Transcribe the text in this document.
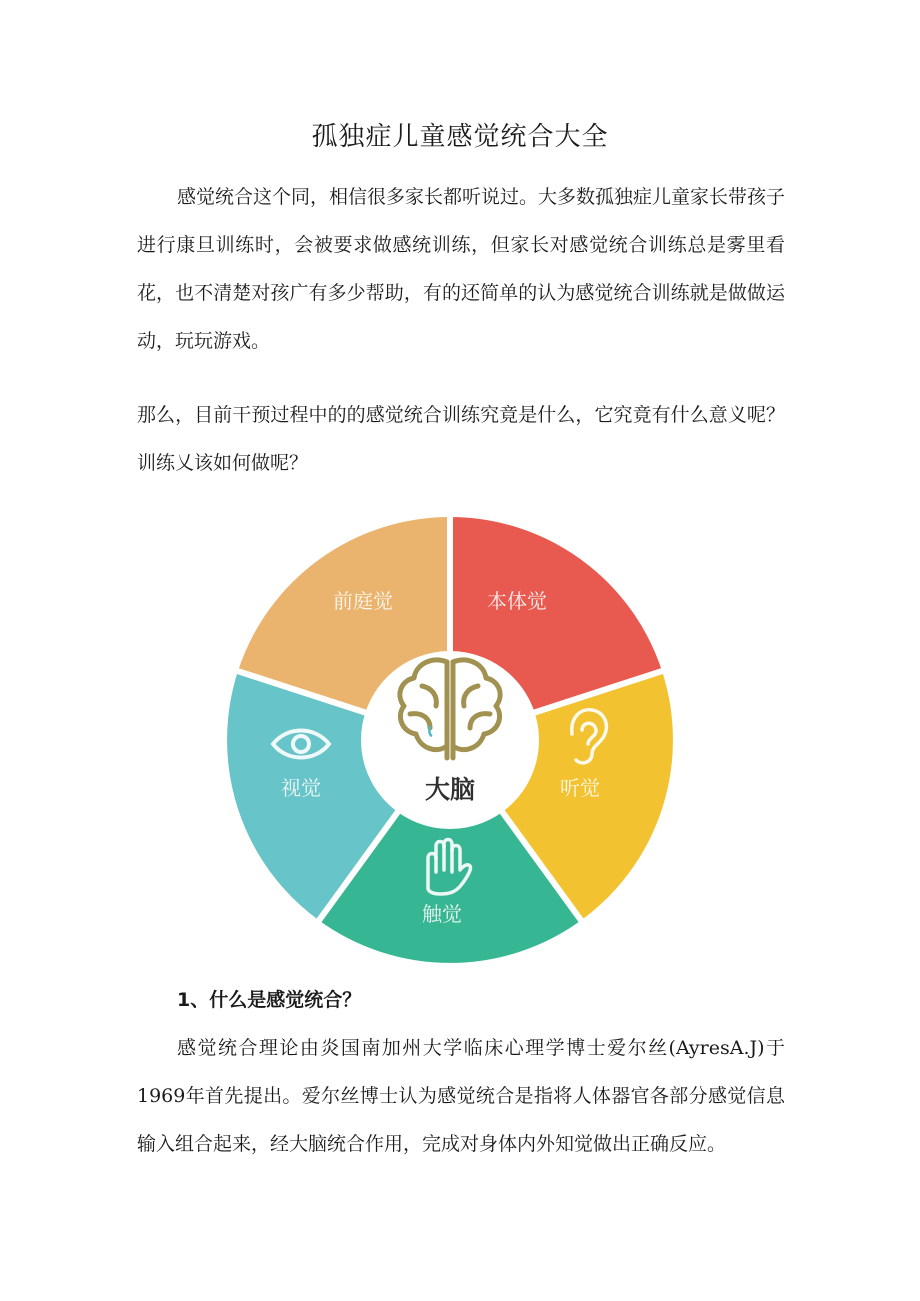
孤独症儿童感觉统合大全

感觉统合这个同，相信很多家长都听说过。大多数孤独症儿童家长带孩子进行康旦训练时，会被要求做感统训练，但家长对感觉统合训练总是雾里看花，也不清楚对孩广有多少帮助，有的还简单的认为感觉统合训练就是做做运动，玩玩游戏。

那么，目前干预过程中的的感觉统合训练究竟是什么，它究竟有什么意义呢？训练乂该如何做呢？

大脑
本体觉
听觉
触觉
视觉
前庭觉
1、什么是感觉统合？

感觉统合理论由炎国南加州大学临床心理学博士爱尔丝(AyresA.J)于1969年首先提出。爱尔丝博士认为感觉统合是指将人体器官各部分感觉信息输入组合起来，经大脑统合作用，完成对身体内外知觉做出正确反应。
